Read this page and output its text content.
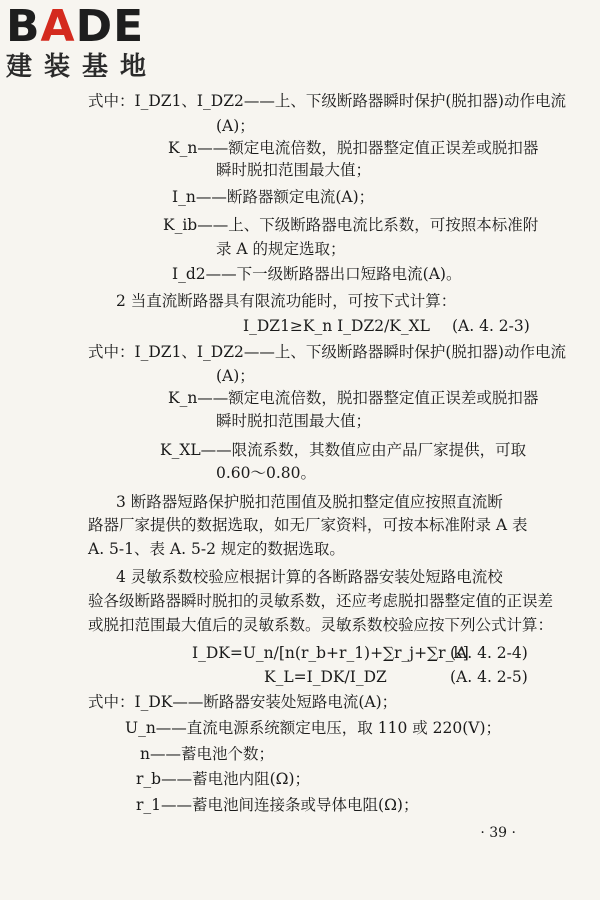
BADE
建装基地
式中：I_DZ1、I_DZ2——上、下级断路器瞬时保护(脱扣器)动作电流
(A)；
K_n——额定电流倍数，脱扣器整定值正误差或脱扣器
瞬时脱扣范围最大值；
I_n——断路器额定电流(A)；
K_ib——上、下级断路器电流比系数，可按照本标准附
录 A 的规定选取；
I_d2——下一级断路器出口短路电流(A)。
2 当直流断路器具有限流功能时，可按下式计算：
I_DZ1≥K_n I_DZ2/K_XL (A. 4. 2-3)
式中：I_DZ1、I_DZ2——上、下级断路器瞬时保护(脱扣器)动作电流
(A)；
K_n——额定电流倍数，脱扣器整定值正误差或脱扣器
瞬时脱扣范围最大值；
K_XL——限流系数，其数值应由产品厂家提供，可取
0.60～0.80。
3 断路器短路保护脱扣范围值及脱扣整定值应按照直流断
路器厂家提供的数据选取，如无厂家资料，可按本标准附录 A 表
A. 5-1、表 A. 5-2 规定的数据选取。
4 灵敏系数校验应根据计算的各断路器安装处短路电流校
验各级断路器瞬时脱扣的灵敏系数，还应考虑脱扣器整定值的正误差
或脱扣范围最大值后的灵敏系数。灵敏系数校验应按下列公式计算：
I_DK=U_n/[n(r_b+r_1)+∑r_j+∑r_k]
(A. 4. 2-4)
K_L=I_DK/I_DZ	(A. 4. 2-5)
式中：I_DK——断路器安装处短路电流(A)；
U_n——直流电源系统额定电压，取 110 或 220(V)；
n——蓄电池个数；
r_b——蓄电池内阻(Ω)；
r_1——蓄电池间连接条或导体电阻(Ω)；
· 39 ·
